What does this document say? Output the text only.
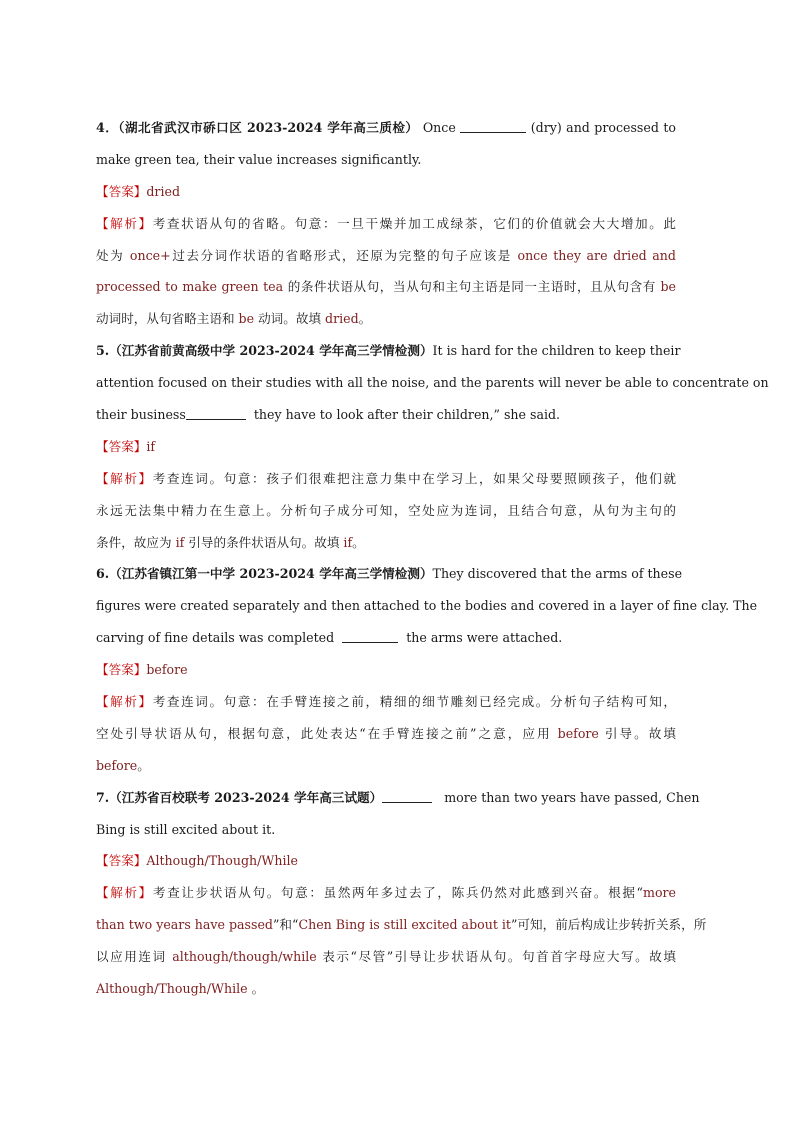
4．（湖北省武汉市硚口区 2023-2024 学年高三质检） Once	(dry) and processed to
make green tea, their value increases significantly.
【答案】dried
【解析】考查状语从句的省略。句意：一旦干燥并加工成绿茶，它们的价值就会大大增加。此
处为 once+过去分词作状语的省略形式，还原为完整的句子应该是 once they are dried and
processed to make green tea 的条件状语从句，当从句和主句主语是同一主语时，且从句含有 be
动词时，从句省略主语和 be 动词。故填 dried。
5.（江苏省前黄高级中学 2023-2024 学年高三学情检测）It is hard for the children to keep their
attention focused on their studies with all the noise, and the parents will never be able to concentrate on
their business	they have to look after their children,” she said.
【答案】if
【解析】考查连词。句意：孩子们很难把注意力集中在学习上，如果父母要照顾孩子，他们就
永远无法集中精力在生意上。分析句子成分可知，空处应为连词，且结合句意，从句为主句的
条件，故应为 if 引导的条件状语从句。故填 if。
6.（江苏省镇江第一中学 2023-2024 学年高三学情检测）They discovered that the arms of these
figures were created separately and then attached to the bodies and covered in a layer of fine clay. The
carving of fine details was completed	the arms were attached.
【答案】before
【解析】考查连词。句意：在手臂连接之前，精细的细节雕刻已经完成。分析句子结构可知，
空处引导状语从句，根据句意，此处表达“在手臂连接之前”之意，应用 before 引导。故填
before。
7.（江苏省百校联考 2023-2024 学年高三试题）	more than two years have passed, Chen
Bing is still excited about it.
【答案】Although/Though/While
【解析】考查让步状语从句。句意：虽然两年多过去了，陈兵仍然对此感到兴奋。根据“more
than two years have passed”和“Chen Bing is still excited about it”可知，前后构成让步转折关系，所
以应用连词 although/though/while 表示“尽管”引导让步状语从句。句首首字母应大写。故填
Although/Though/While 。
